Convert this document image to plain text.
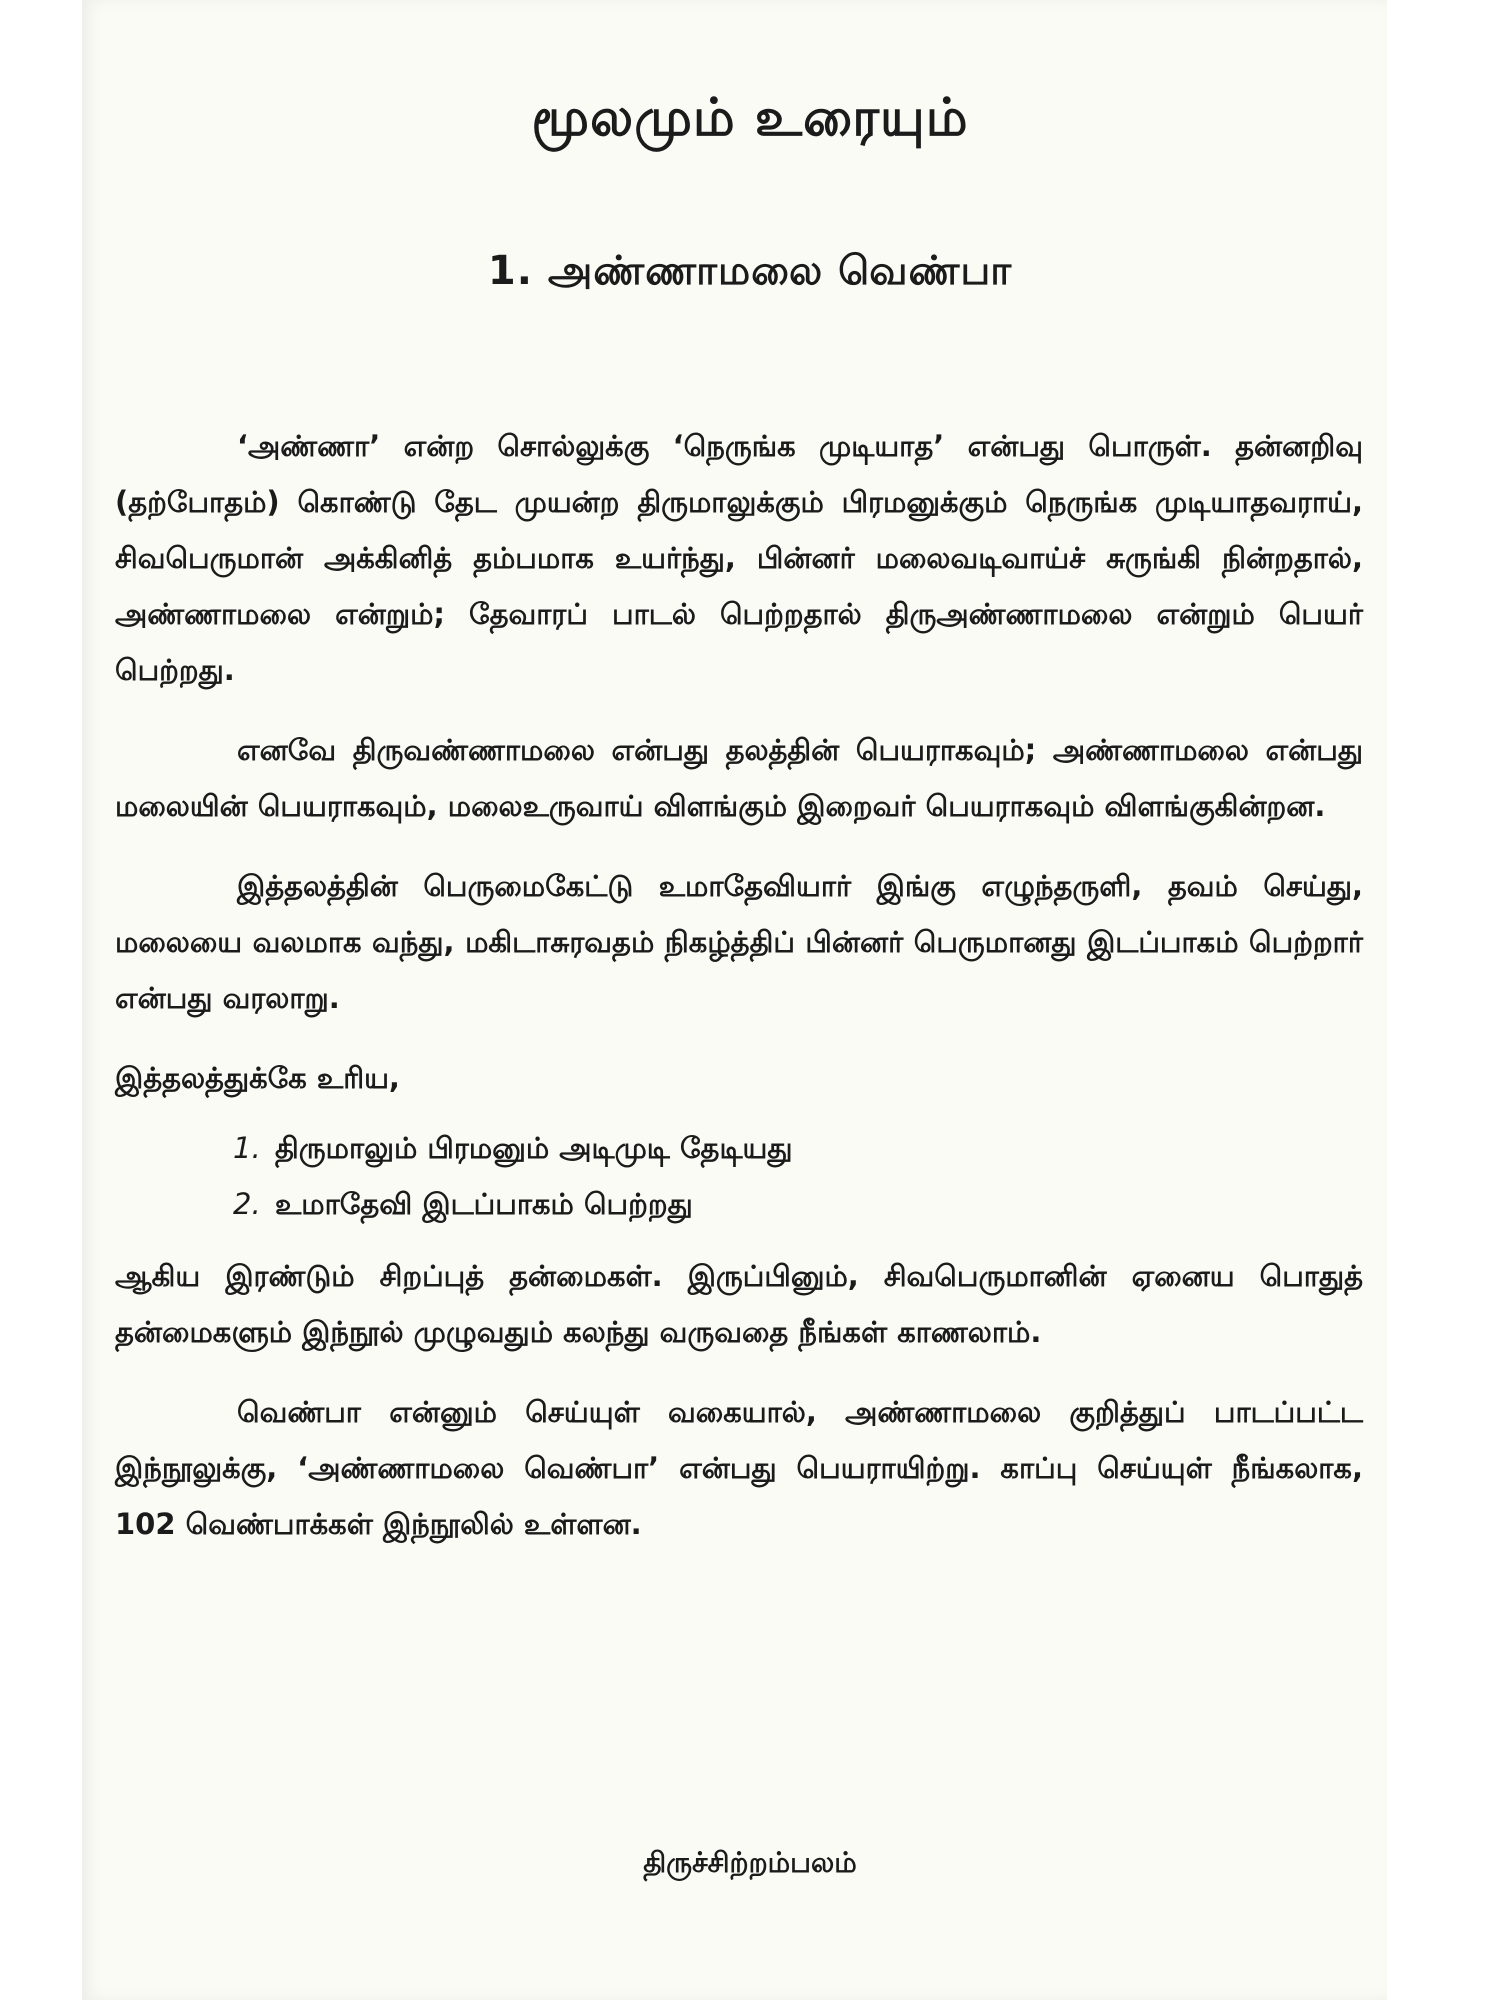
மூலமும் உரையும்
1. அண்ணாமலை வெண்பா

‘அண்ணா’ என்ற சொல்லுக்கு ‘நெருங்க முடியாத’ என்பது பொருள். தன்னறிவு (தற்போதம்) கொண்டு தேட முயன்ற திருமாலுக்கும் பிரமனுக்கும் நெருங்க முடியாதவராய், சிவபெருமான் அக்கினித் தம்பமாக உயர்ந்து, பின்னர் மலைவடிவாய்ச் சுருங்கி நின்றதால், அண்ணாமலை என்றும்; தேவாரப் பாடல் பெற்றதால் திருஅண்ணாமலை என்றும் பெயர் பெற்றது.

எனவே திருவண்ணாமலை என்பது தலத்தின் பெயராகவும்; அண்ணாமலை என்பது மலையின் பெயராகவும், மலைஉருவாய் விளங்கும் இறைவர் பெயராகவும் விளங்குகின்றன.

இத்தலத்தின் பெருமைகேட்டு உமாதேவியார் இங்கு எழுந்தருளி, தவம் செய்து, மலையை வலமாக வந்து, மகிடாசுரவதம் நிகழ்த்திப் பின்னர் பெருமானது இடப்பாகம் பெற்றார் என்பது வரலாறு.

இத்தலத்துக்கே உரிய,

1. திருமாலும் பிரமனும் அடிமுடி தேடியது
2. உமாதேவி இடப்பாகம் பெற்றது

ஆகிய இரண்டும் சிறப்புத் தன்மைகள். இருப்பினும், சிவபெருமானின் ஏனைய பொதுத் தன்மைகளும் இந்நூல் முழுவதும் கலந்து வருவதை நீங்கள் காணலாம்.

வெண்பா என்னும் செய்யுள் வகையால், அண்ணாமலை குறித்துப் பாடப்பட்ட இந்நூலுக்கு, ‘அண்ணாமலை வெண்பா’ என்பது பெயராயிற்று. காப்பு செய்யுள் நீங்கலாக, 102 வெண்பாக்கள் இந்நூலில் உள்ளன.

திருச்சிற்றம்பலம்
